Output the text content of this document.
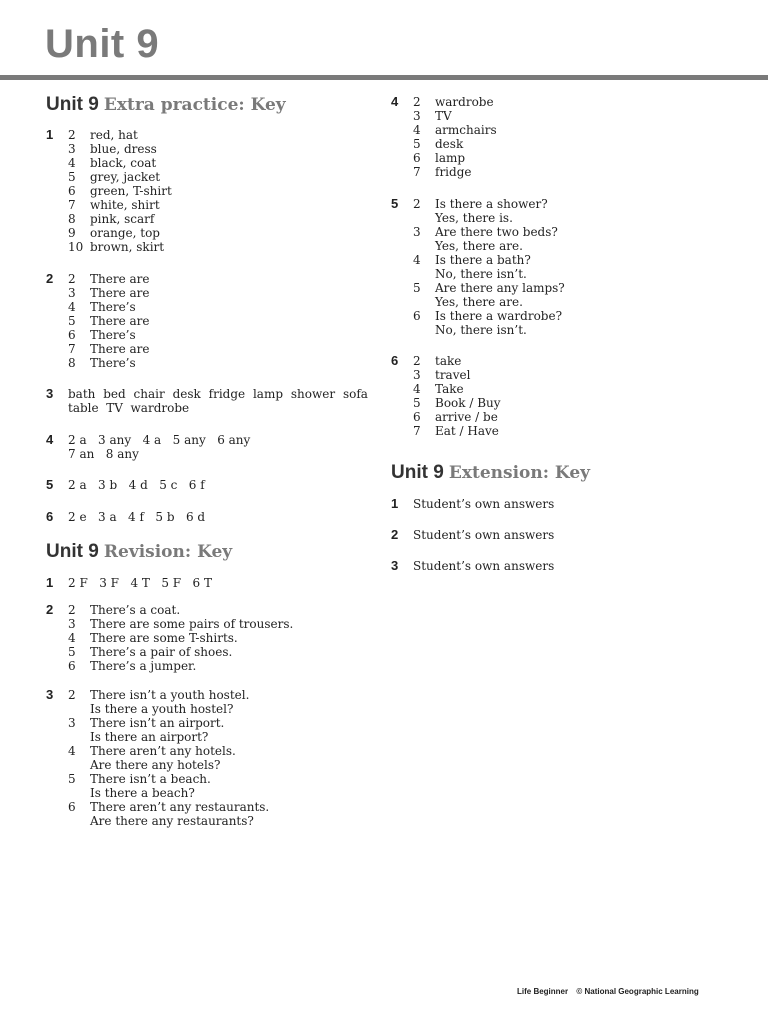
Unit 9
Unit 9 Extra practice: Key
1 2	red, hat
3	blue, dress
4	black, coat
5	grey, jacket
6	green, T-shirt
7	white, shirt
8	pink, scarf
9	orange, top
10 brown, skirt
2 2	There are
3	There are
4	There’s
5	There are
6	There’s
7	There are
8	There’s
3 bath bed chair desk fridge lamp shower sofa
table  TV  wardrobe
4 2 a   3 any   4 a   5 any   6 any
7 an   8 any
5 2 a   3 b   4 d   5 c   6 f
6 2 e   3 a   4 f   5 b   6 d
Unit 9 Revision: Key
1 2 F   3 F   4 T   5 F   6 T
2 2	There’s a coat.
3	There are some pairs of trousers.
4	There are some T-shirts.
5	There’s a pair of shoes.
6	There’s a jumper.
3 2	There isn’t a youth hostel.
Is there a youth hostel?
3	There isn’t an airport.
Is there an airport?
4	There aren’t any hotels.
Are there any hotels?
5	There isn’t a beach.
Is there a beach?
6	There aren’t any restaurants.
Are there any restaurants?
4 2	wardrobe
3	TV
4	armchairs
5	desk
6	lamp
7	fridge
5 2	Is there a shower?
Yes, there is.
3	Are there two beds?
Yes, there are.
4	Is there a bath?
No, there isn’t.
5	Are there any lamps?
Yes, there are.
6	Is there a wardrobe?
No, there isn’t.
6 2	take
3	travel
4	Take
5	Book / Buy
6	arrive / be
7	Eat / Have
Unit 9 Extension: Key
1 Student’s own answers
2 Student’s own answers
3 Student’s own answers
Life Beginner © National Geographic Learning
